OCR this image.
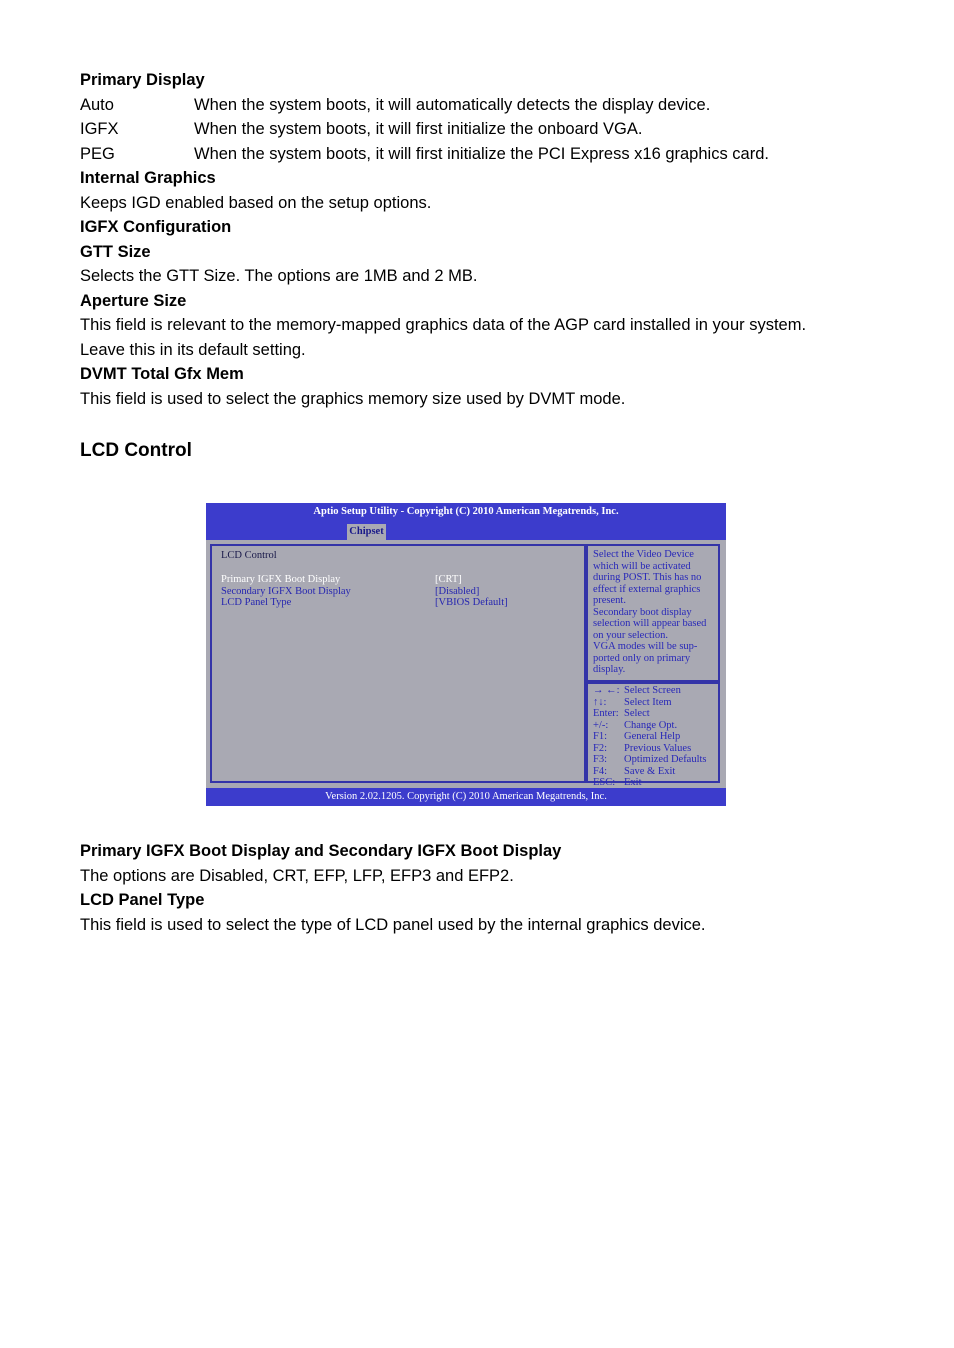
Primary Display

Auto	When the system boots, it will automatically detects the display device.
IGFX	When the system boots, it will first initialize the onboard VGA.
PEG	When the system boots, it will first initialize the PCI Express x16 graphics card.

Internal Graphics

Keeps IGD enabled based on the setup options.

IGFX Configuration

GTT Size

Selects the GTT Size. The options are 1MB and 2 MB.

Aperture Size

This field is relevant to the memory-mapped graphics data of the AGP card installed in your system.

Leave this in its default setting.

DVMT Total Gfx Mem

This field is used to select the graphics memory size used by DVMT mode.

LCD Control

Aptio Setup Utility - Copyright (C) 2010 American Megatrends, Inc.
Chipset
LCD Control
Primary IGFX Boot Display	[CRT]
Secondary IGFX Boot Display	[Disabled]
LCD Panel Type	[VBIOS Default]
Select the Video Device
which will be activated
during POST. This has no
effect if external graphics
present.
Secondary boot display
selection will appear based
on your selection.
VGA modes will be sup-
ported only on primary
display.
→ ←: Select Screen
↑↓:	Select Item
Enter: Select
+/-:	Change Opt.
F1:	General Help
F2:	Previous Values
F3:	Optimized Defaults
F4:	Save & Exit
ESC: Exit
Version 2.02.1205. Copyright (C) 2010 American Megatrends, Inc.

Primary IGFX Boot Display and Secondary IGFX Boot Display

The options are Disabled, CRT, EFP, LFP, EFP3 and EFP2.

LCD Panel Type

This field is used to select the type of LCD panel used by the internal graphics device.
